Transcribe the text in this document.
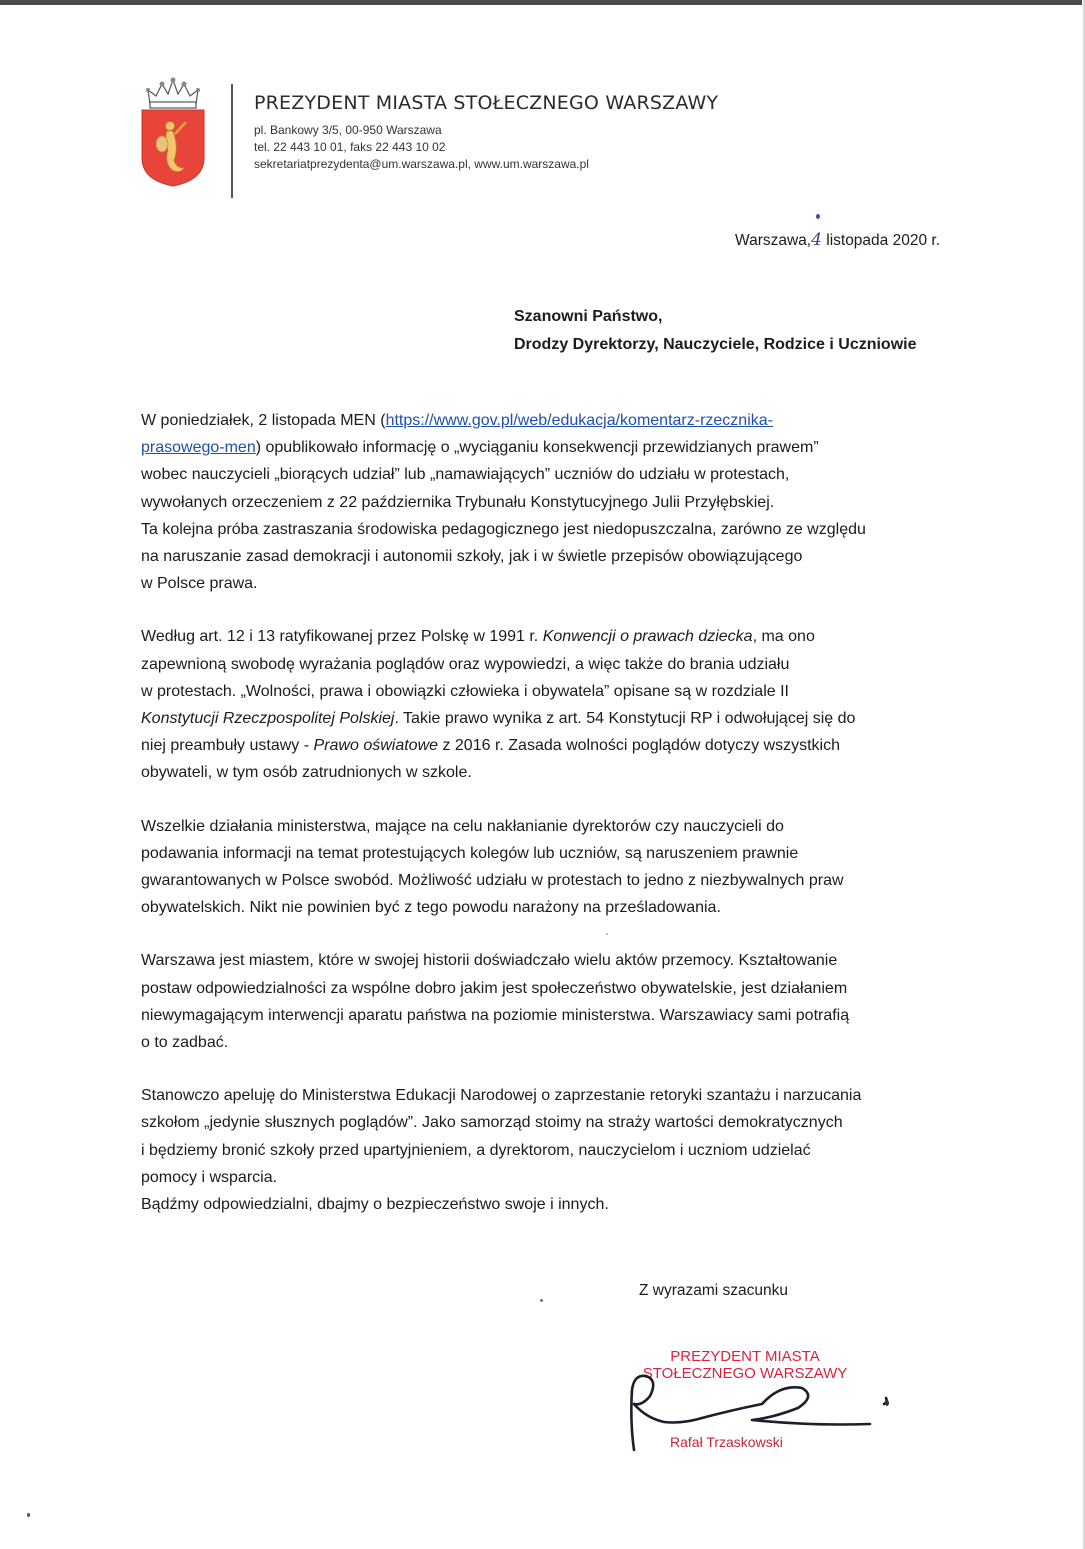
PREZYDENT MIASTA STOŁECZNEGO WARSZAWY
pl. Bankowy 3/5, 00-950 Warszawa
tel. 22 443 10 01, faks 22 443 10 02
sekretariatprezydenta@um.warszawa.pl, www.um.warszawa.pl
Warszawa,4 listopada 2020 r.
Szanowni Państwo,
Drodzy Dyrektorzy, Nauczyciele, Rodzice i Uczniowie
W poniedziałek, 2 listopada MEN (https://www.gov.pl/web/edukacja/komentarz-rzecznika-
prasowego-men) opublikowało informację o „wyciąganiu konsekwencji przewidzianych prawem”
wobec nauczycieli „biorących udział” lub „namawiających” uczniów do udziału w protestach,
wywołanych orzeczeniem z 22 października Trybunału Konstytucyjnego Julii Przyłębskiej.
Ta kolejna próba zastraszania środowiska pedagogicznego jest niedopuszczalna, zarówno ze względu
na naruszanie zasad demokracji i autonomii szkoły, jak i w świetle przepisów obowiązującego
w Polsce prawa.
Według art. 12 i 13 ratyfikowanej przez Polskę w 1991 r. Konwencji o prawach dziecka, ma ono
zapewnioną swobodę wyrażania poglądów oraz wypowiedzi, a więc także do brania udziału
w protestach. „Wolności, prawa i obowiązki człowieka i obywatela” opisane są w rozdziale II
Konstytucji Rzeczpospolitej Polskiej. Takie prawo wynika z art. 54 Konstytucji RP i odwołującej się do
niej preambuły ustawy - Prawo oświatowe z 2016 r. Zasada wolności poglądów dotyczy wszystkich
obywateli, w tym osób zatrudnionych w szkole.
Wszelkie działania ministerstwa, mające na celu nakłanianie dyrektorów czy nauczycieli do
podawania informacji na temat protestujących kolegów lub uczniów, są naruszeniem prawnie
gwarantowanych w Polsce swobód. Możliwość udziału w protestach to jedno z niezbywalnych praw
obywatelskich. Nikt nie powinien być z tego powodu narażony na prześladowania.
Warszawa jest miastem, które w swojej historii doświadczało wielu aktów przemocy. Kształtowanie
postaw odpowiedzialności za wspólne dobro jakim jest społeczeństwo obywatelskie, jest działaniem
niewymagającym interwencji aparatu państwa na poziomie ministerstwa. Warszawiacy sami potrafią
o to zadbać.
Stanowczo apeluję do Ministerstwa Edukacji Narodowej o zaprzestanie retoryki szantażu i narzucania
szkołom „jedynie słusznych poglądów”. Jako samorząd stoimy na straży wartości demokratycznych
i będziemy bronić szkoły przed upartyjnieniem, a dyrektorom, nauczycielom i uczniom udzielać
pomocy i wsparcia.
Bądźmy odpowiedzialni, dbajmy o bezpieczeństwo swoje i innych.
Z wyrazami szacunku
PREZYDENT MIASTA
STOŁECZNEGO WARSZAWY
Rafał Trzaskowski
